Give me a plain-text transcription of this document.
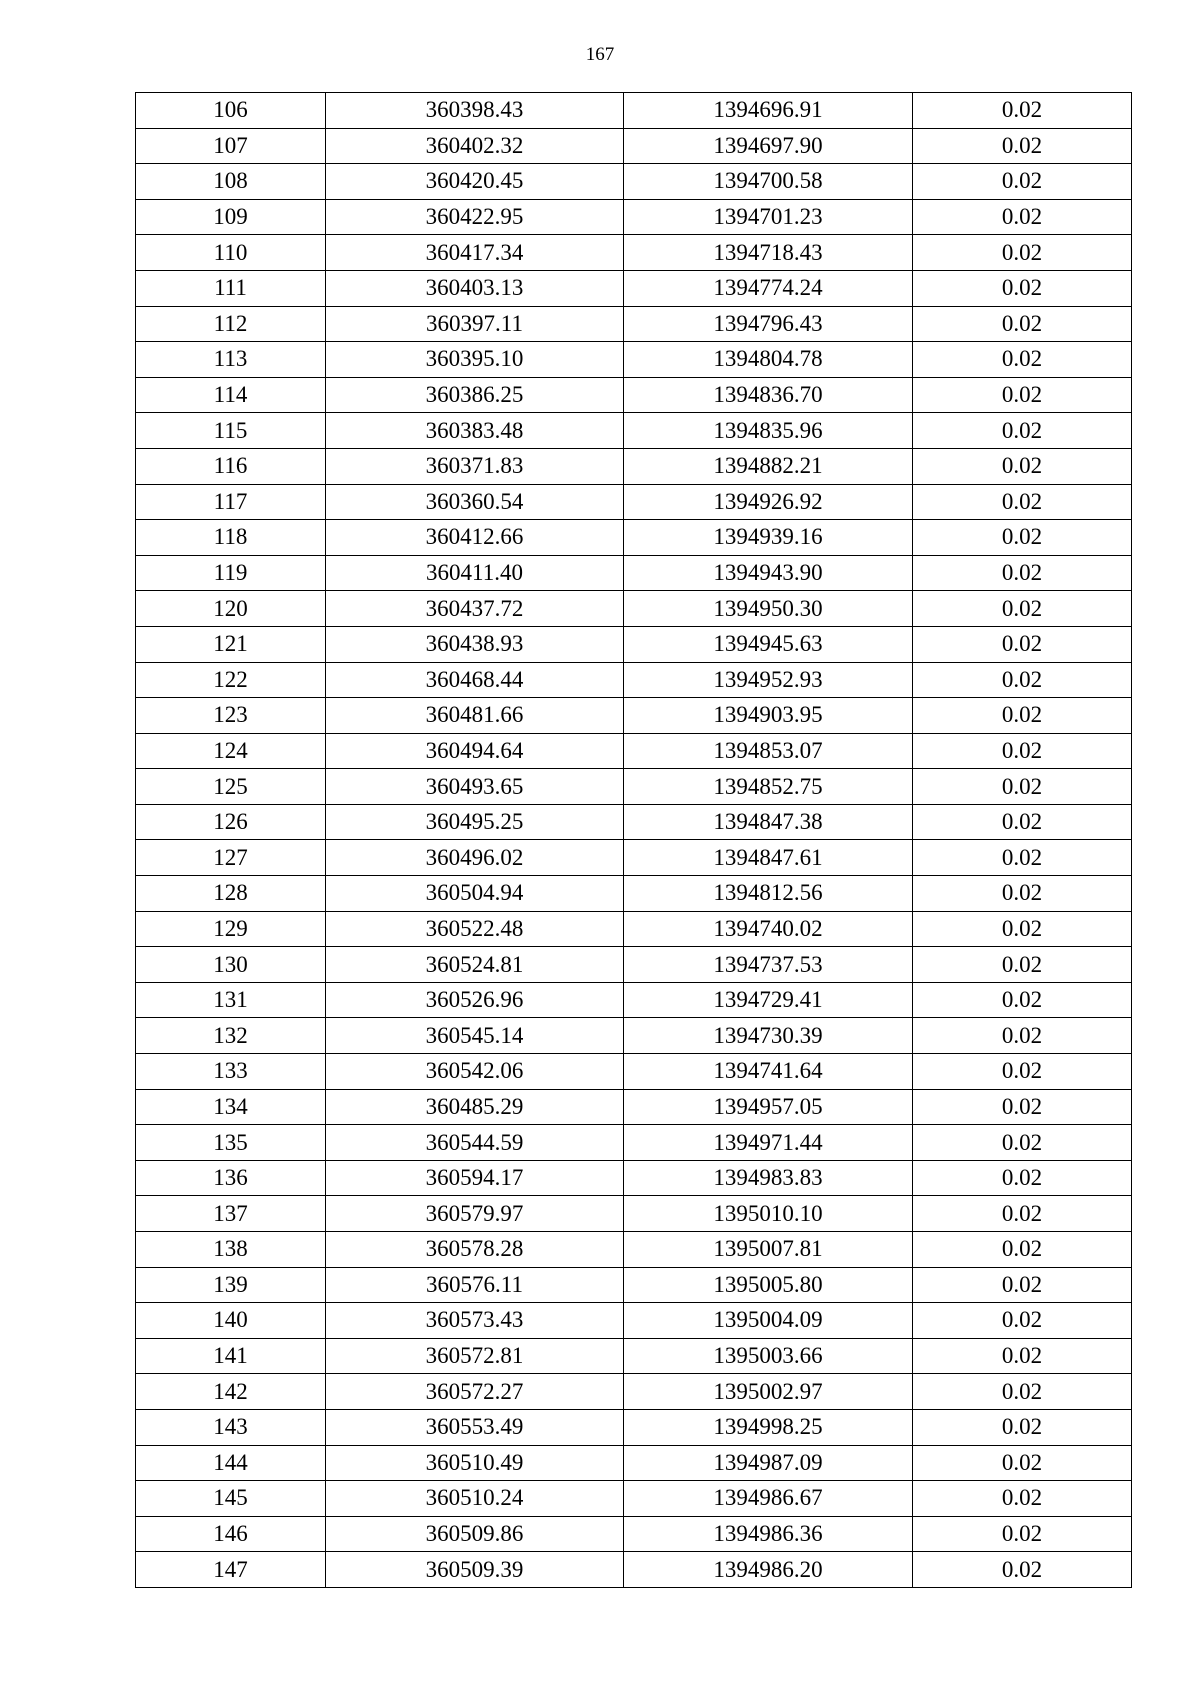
167
106	360398.43	1394696.91	0.02
107	360402.32	1394697.90	0.02
108	360420.45	1394700.58	0.02
109	360422.95	1394701.23	0.02
110	360417.34	1394718.43	0.02
111	360403.13	1394774.24	0.02
112	360397.11	1394796.43	0.02
113	360395.10	1394804.78	0.02
114	360386.25	1394836.70	0.02
115	360383.48	1394835.96	0.02
116	360371.83	1394882.21	0.02
117	360360.54	1394926.92	0.02
118	360412.66	1394939.16	0.02
119	360411.40	1394943.90	0.02
120	360437.72	1394950.30	0.02
121	360438.93	1394945.63	0.02
122	360468.44	1394952.93	0.02
123	360481.66	1394903.95	0.02
124	360494.64	1394853.07	0.02
125	360493.65	1394852.75	0.02
126	360495.25	1394847.38	0.02
127	360496.02	1394847.61	0.02
128	360504.94	1394812.56	0.02
129	360522.48	1394740.02	0.02
130	360524.81	1394737.53	0.02
131	360526.96	1394729.41	0.02
132	360545.14	1394730.39	0.02
133	360542.06	1394741.64	0.02
134	360485.29	1394957.05	0.02
135	360544.59	1394971.44	0.02
136	360594.17	1394983.83	0.02
137	360579.97	1395010.10	0.02
138	360578.28	1395007.81	0.02
139	360576.11	1395005.80	0.02
140	360573.43	1395004.09	0.02
141	360572.81	1395003.66	0.02
142	360572.27	1395002.97	0.02
143	360553.49	1394998.25	0.02
144	360510.49	1394987.09	0.02
145	360510.24	1394986.67	0.02
146	360509.86	1394986.36	0.02
147	360509.39	1394986.20	0.02
